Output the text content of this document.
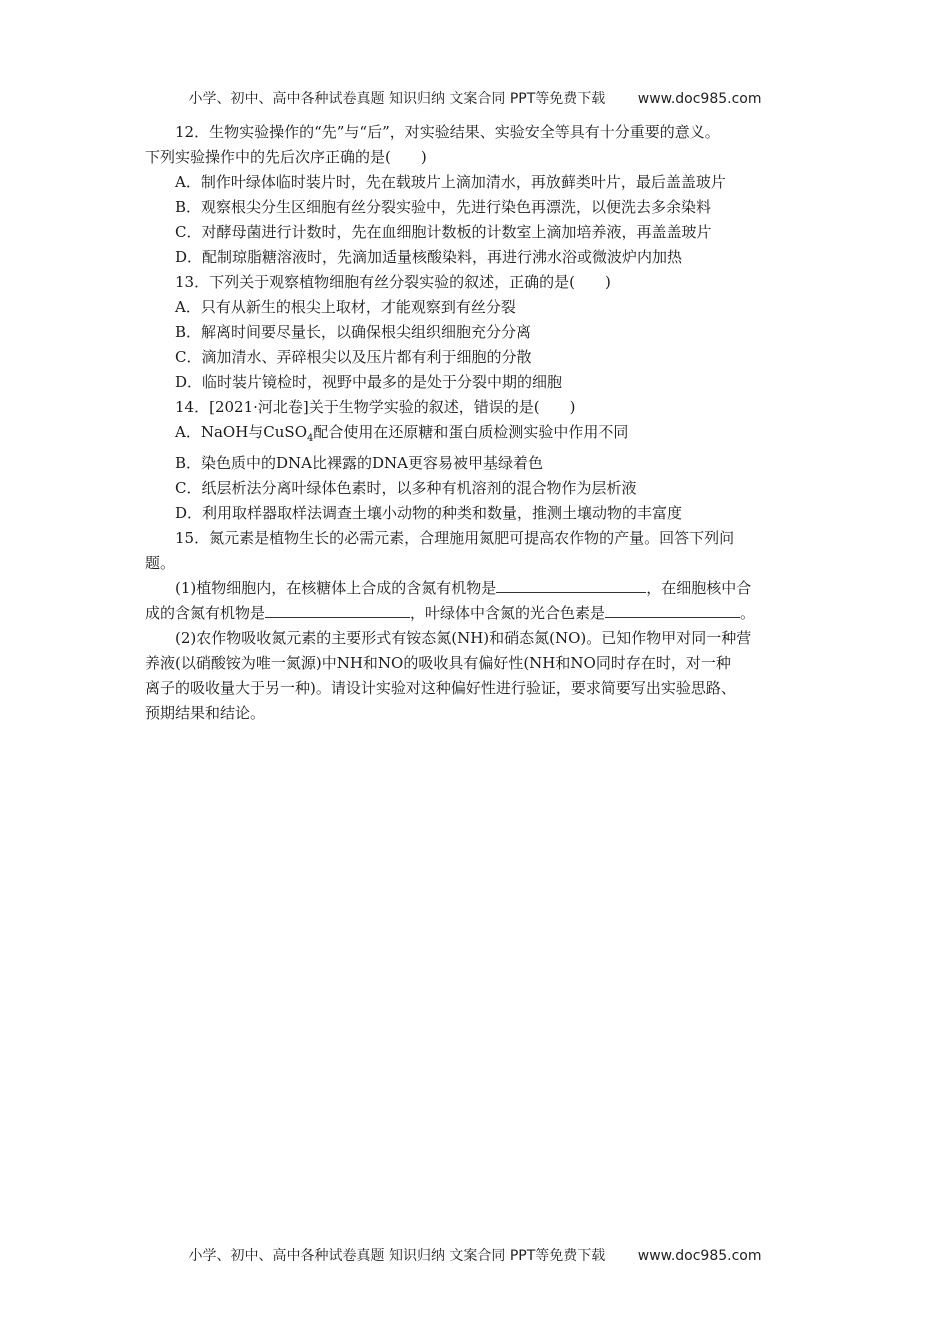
小学、初中、高中各种试卷真题 知识归纳 文案合同 PPT等免费下载 www.doc985.com
12．生物实验操作的“先”与“后”，对实验结果、实验安全等具有十分重要的意义。
下列实验操作中的先后次序正确的是(　　)
A．制作叶绿体临时装片时，先在载玻片上滴加清水，再放藓类叶片，最后盖盖玻片
B．观察根尖分生区细胞有丝分裂实验中，先进行染色再漂洗，以便洗去多余染料
C．对酵母菌进行计数时，先在血细胞计数板的计数室上滴加培养液，再盖盖玻片
D．配制琼脂糖溶液时，先滴加适量核酸染料，再进行沸水浴或微波炉内加热
13．下列关于观察植物细胞有丝分裂实验的叙述，正确的是(　　)
A．只有从新生的根尖上取材，才能观察到有丝分裂
B．解离时间要尽量长，以确保根尖组织细胞充分分离
C．滴加清水、弄碎根尖以及压片都有利于细胞的分散
D．临时装片镜检时，视野中最多的是处于分裂中期的细胞
14．[2021·河北卷]关于生物学实验的叙述，错误的是(　　)
A．NaOH与CuSO$_4$配合使用在还原糖和蛋白质检测实验中作用不同
B．染色质中的DNA比裸露的DNA更容易被甲基绿着色
C．纸层析法分离叶绿体色素时，以多种有机溶剂的混合物作为层析液
D．利用取样器取样法调查土壤小动物的种类和数量，推测土壤动物的丰富度
15．氮元素是植物生长的必需元素，合理施用氮肥可提高农作物的产量。回答下列问
题。
(1)植物细胞内，在核糖体上合成的含氮有机物是	，在细胞核中合
成的含氮有机物是	，叶绿体中含氮的光合色素是	。
(2)农作物吸收氮元素的主要形式有铵态氮(NH)和硝态氮(NO)。已知作物甲对同一种营
养液(以硝酸铵为唯一氮源)中NH和NO的吸收具有偏好性(NH和NO同时存在时，对一种
离子的吸收量大于另一种)。请设计实验对这种偏好性进行验证，要求简要写出实验思路、
预期结果和结论。
小学、初中、高中各种试卷真题 知识归纳 文案合同 PPT等免费下载 www.doc985.com
